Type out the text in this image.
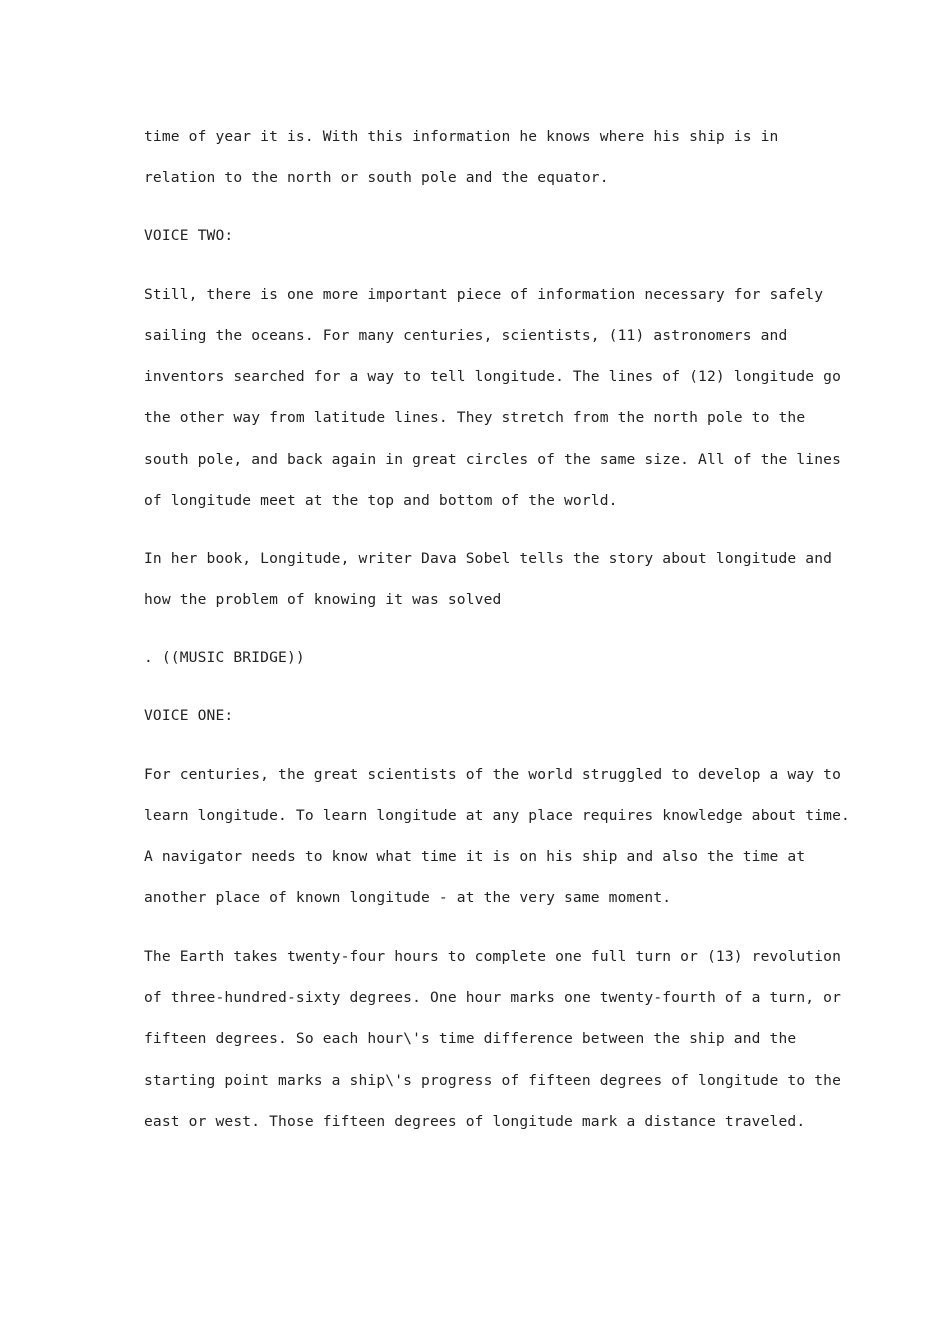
time of year it is. With this information he knows where his ship is in
relation to the north or south pole and the equator.
VOICE TWO:
Still, there is one more important piece of information necessary for safely
sailing the oceans. For many centuries, scientists, (11) astronomers and
inventors searched for a way to tell longitude. The lines of (12) longitude go
the other way from latitude lines. They stretch from the north pole to the
south pole, and back again in great circles of the same size. All of the lines
of longitude meet at the top and bottom of the world.
In her book, Longitude, writer Dava Sobel tells the story about longitude and
how the problem of knowing it was solved
. ((MUSIC BRIDGE))
VOICE ONE:
For centuries, the great scientists of the world struggled to develop a way to
learn longitude. To learn longitude at any place requires knowledge about time.
A navigator needs to know what time it is on his ship and also the time at
another place of known longitude - at the very same moment.
The Earth takes twenty-four hours to complete one full turn or (13) revolution
of three-hundred-sixty degrees. One hour marks one twenty-fourth of a turn, or
fifteen degrees. So each hour\'s time difference between the ship and the
starting point marks a ship\'s progress of fifteen degrees of longitude to the
east or west. Those fifteen degrees of longitude mark a distance traveled.
